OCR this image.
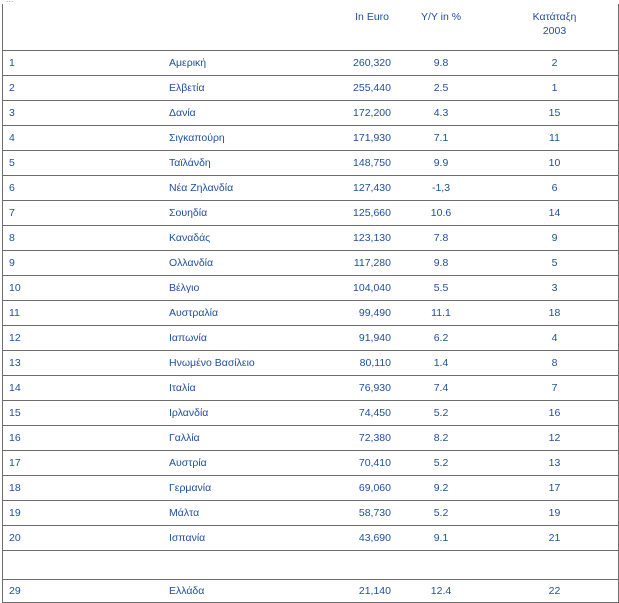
		In Euro	Y/Y in %	Κατάταξη
2003
1	Αμερική	260,320	9.8	2
2	Ελβετία	255,440	2.5	1
3	Δανία	172,200	4.3	15
4	Σιγκαπούρη	171,930	7.1	11
5	Ταϊλάνδη	148,750	9.9	10
6	Νέα Ζηλανδία	127,430	-1,3	6
7	Σουηδία	125,660	10.6	14
8	Καναδάς	123,130	7.8	9
9	Ολλανδία	117,280	9.8	5
10	Βέλγιο	104,040	5.5	3
11	Αυστραλία	99,490	11.1	18
12	Ιαπωνία	91,940	6.2	4
13	Ηνωμένο Βασίλειο	80,110	1.4	8
14	Ιταλία	76,930	7.4	7
15	Ιρλανδία	74,450	5.2	16
16	Γαλλία	72,380	8.2	12
17	Αυστρία	70,410	5.2	13
18	Γερμανία	69,060	9.2	17
19	Μάλτα	58,730	5.2	19
20	Ισπανία	43,690	9.1	21

29	Ελλάδα	21,140	12.4	22
